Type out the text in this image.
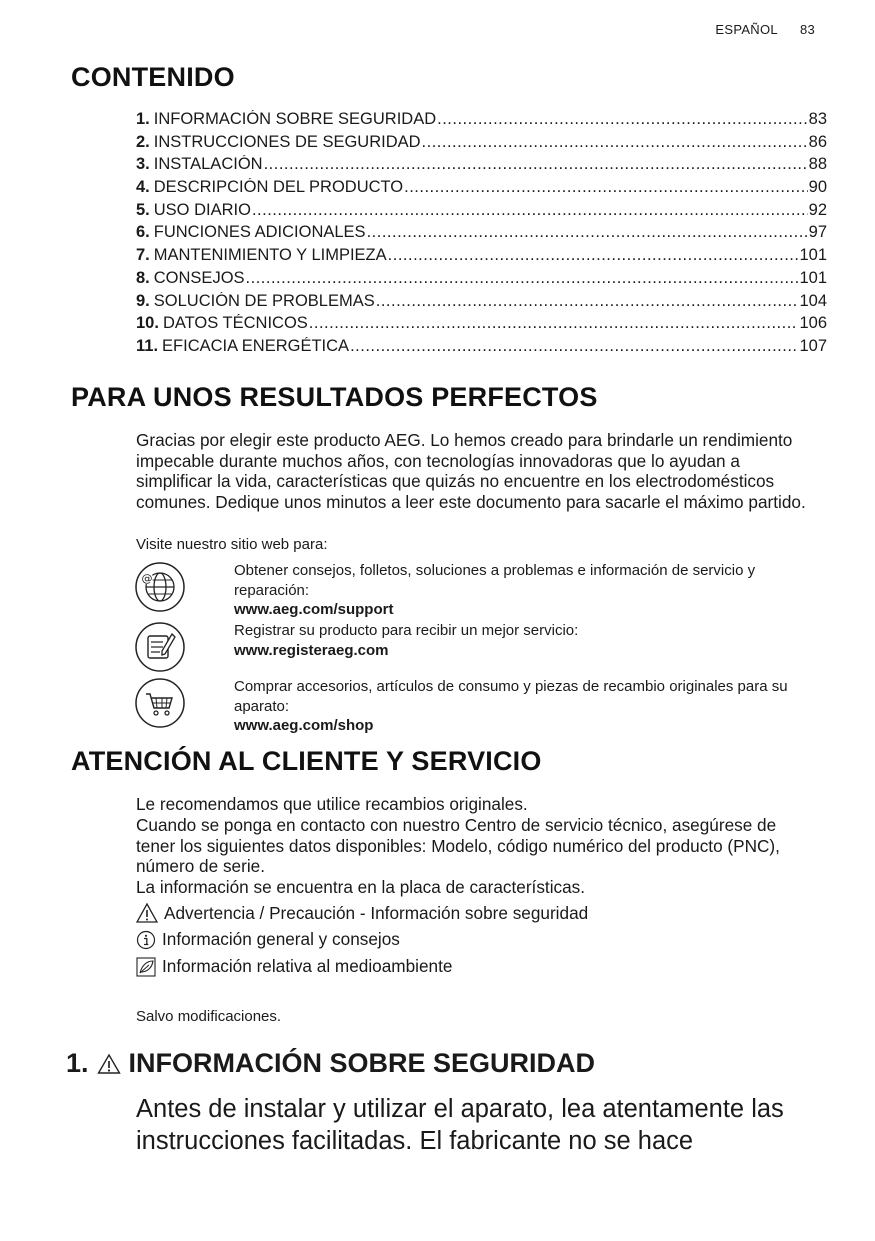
ESPAÑOL 83
CONTENIDO
1. INFORMACIÓN SOBRE SEGURIDAD .....	83
2. INSTRUCCIONES DE SEGURIDAD .....	86
3. INSTALACIÓN .....	88
4. DESCRIPCIÓN DEL PRODUCTO .....	90
5. USO DIARIO .....	92
6. FUNCIONES ADICIONALES .....	97
7. MANTENIMIENTO Y LIMPIEZA .....	101
8. CONSEJOS .....	101
9. SOLUCIÓN DE PROBLEMAS .....	104
10. DATOS TÉCNICOS .....	106
11. EFICACIA ENERGÉTICA .....	107
PARA UNOS RESULTADOS PERFECTOS

Gracias por elegir este producto AEG. Lo hemos creado para brindarle un rendimiento impecable durante muchos años, con tecnologías innovadoras que lo ayudan a simplificar la vida, características que quizás no encuentre en los electrodomésticos comunes. Dedique unos minutos a leer este documento para sacarle el máximo partido.

Visite nuestro sitio web para:

@	Obtener consejos, folletos, soluciones a problemas e información de servicio y reparación:
www.aeg.com/support
Registrar su producto para recibir un mejor servicio:
www.registeraeg.com
Comprar accesorios, artículos de consumo y piezas de recambio originales para su aparato:
www.aeg.com/shop
ATENCIÓN AL CLIENTE Y SERVICIO

Le recomendamos que utilice recambios originales.

Cuando se ponga en contacto con nuestro Centro de servicio técnico, asegúrese de tener los siguientes datos disponibles: Modelo, código numérico del producto (PNC), número de serie.

La información se encuentra en la placa de características.

Advertencia / Precaución - Información sobre seguridad
Información general y consejos
Información relativa al medioambiente

Salvo modificaciones.

1. INFORMACIÓN SOBRE SEGURIDAD

Antes de instalar y utilizar el aparato, lea atentamente las instrucciones facilitadas. El fabricante no se hace
